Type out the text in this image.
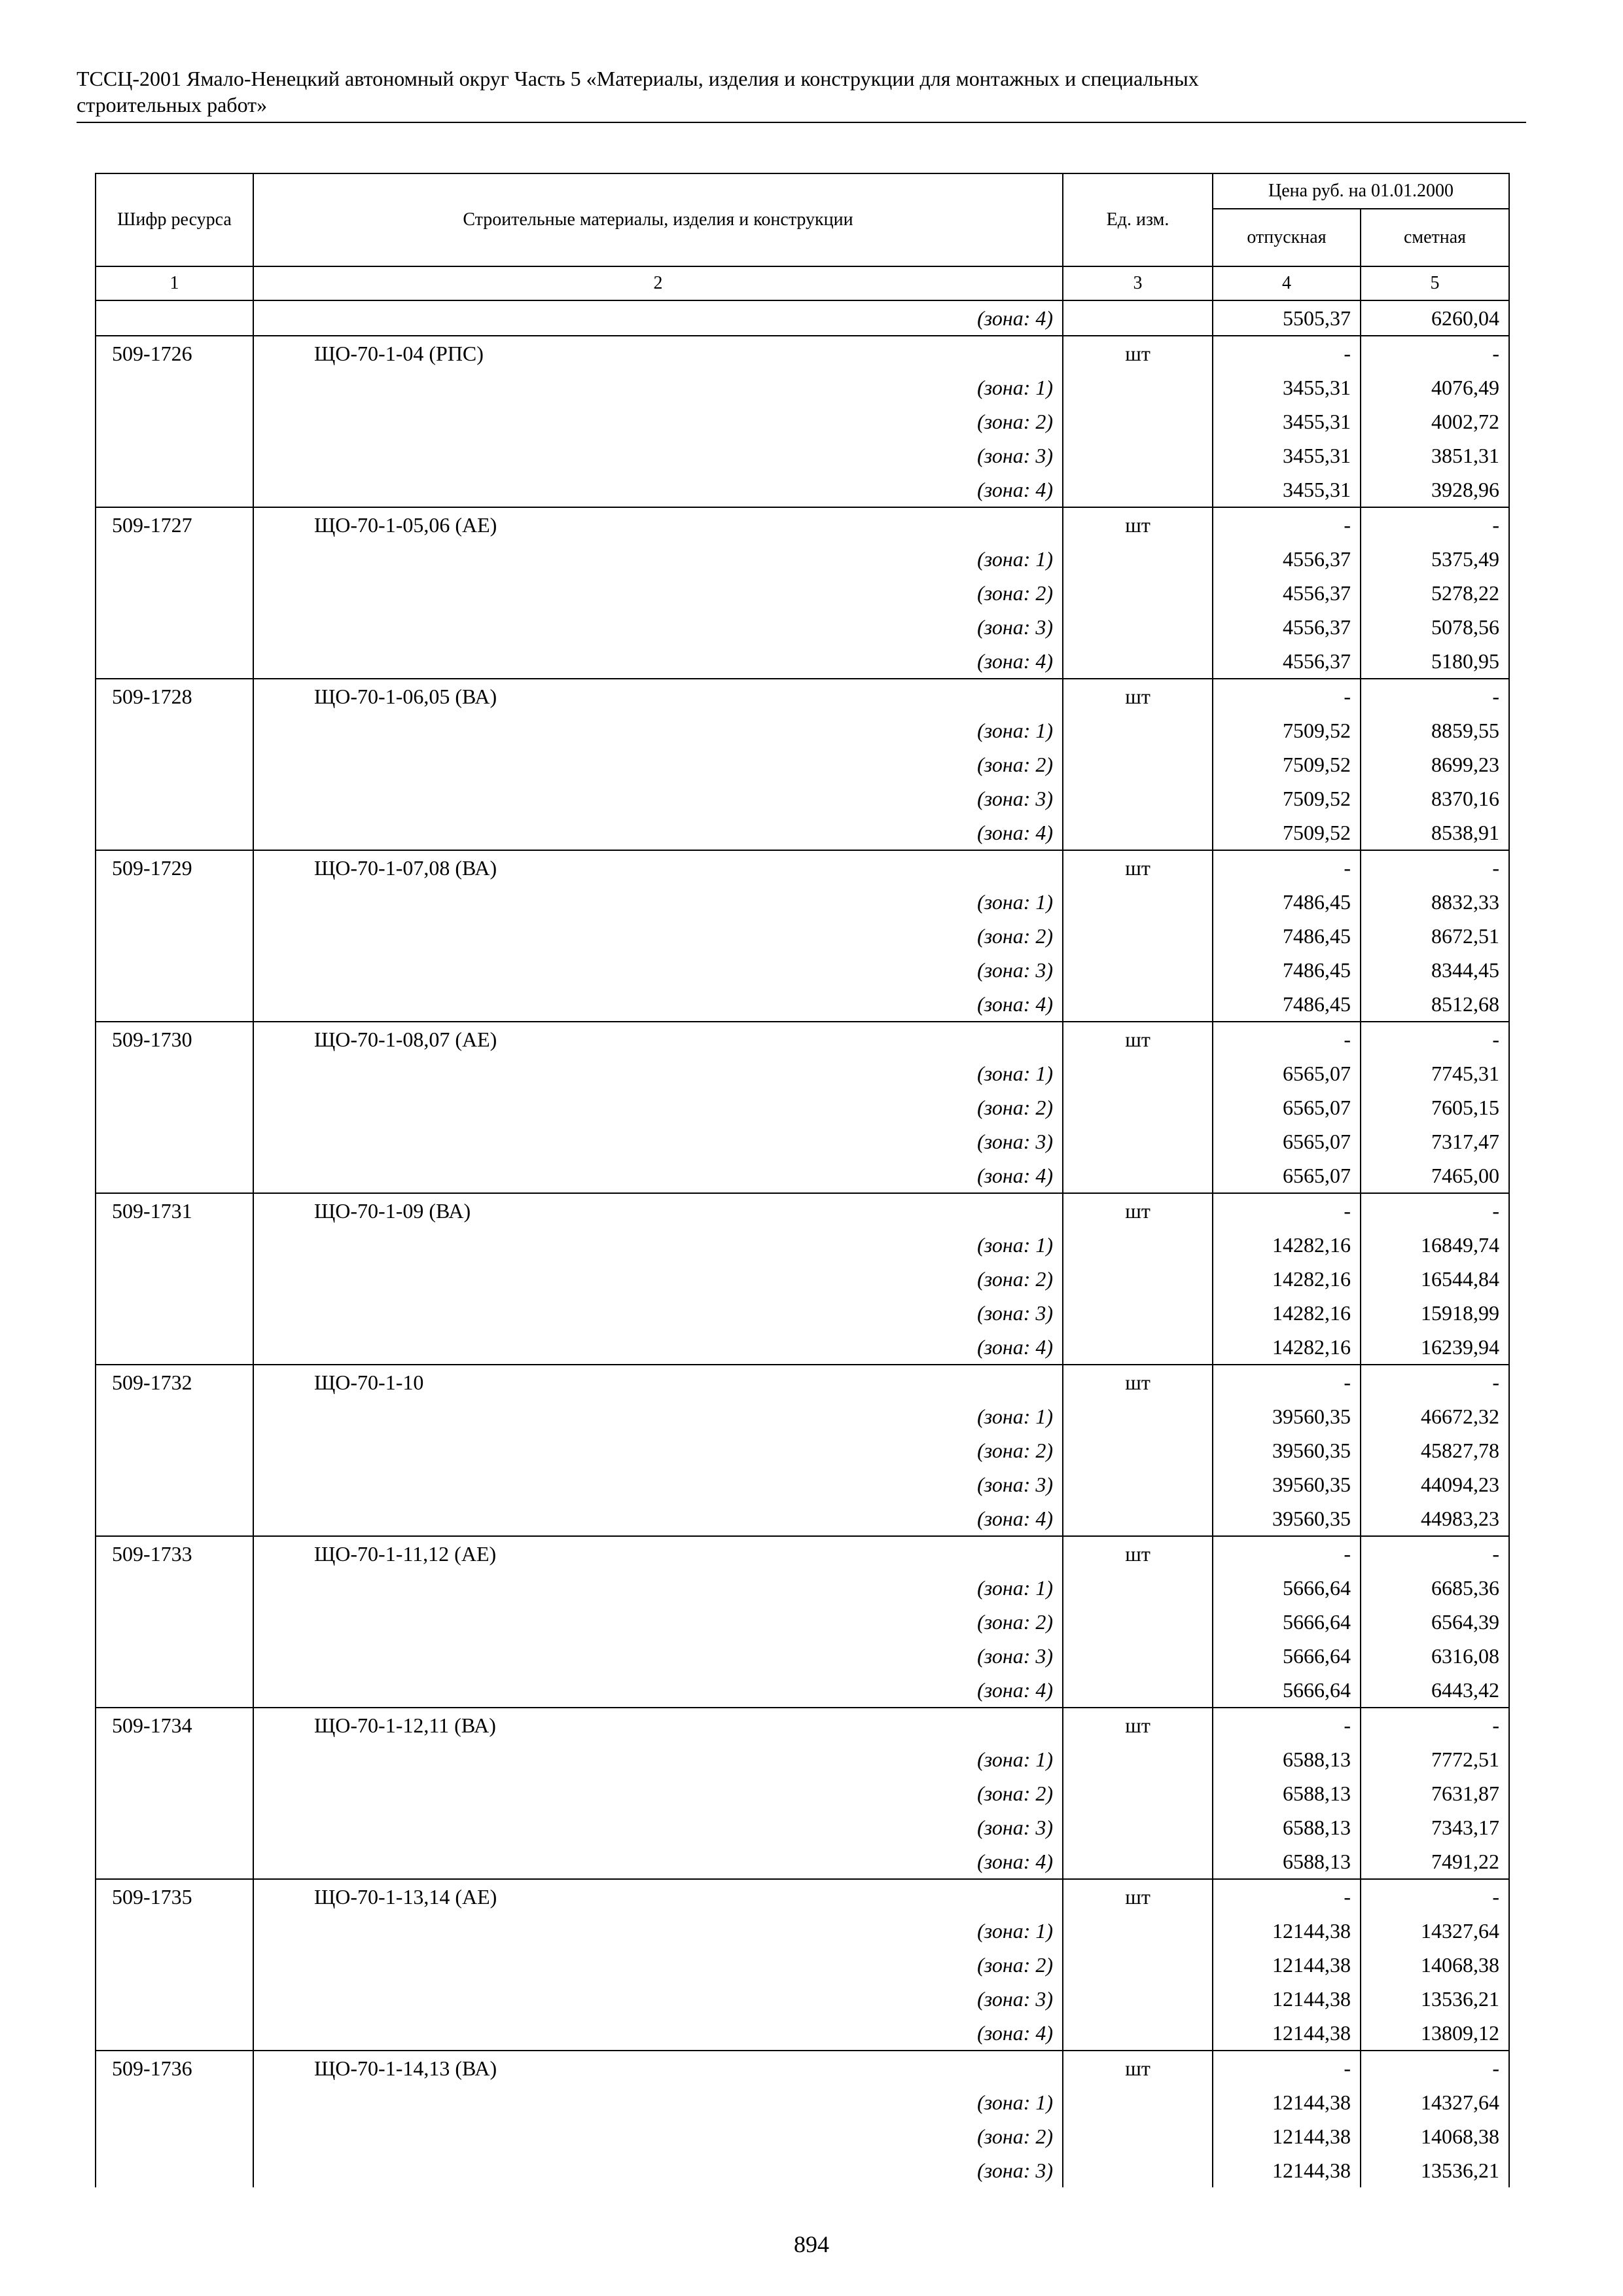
ТССЦ-2001 Ямало-Ненецкий автономный округ Часть 5 «Материалы, изделия и конструкции для монтажных и специальных
строительных работ»
Шифр ресурса	Строительные материалы, изделия и конструкции	Ед. изм.	Цена руб. на 01.01.2000	
			отпускная	сметная
1	2	3	4	5
	(зона: 4)		5505,37	6260,04
509-1726	ЩО-70-1-04 (РПС)	шт	-	-
	(зона: 1)		3455,31	4076,49
	(зона: 2)		3455,31	4002,72
	(зона: 3)		3455,31	3851,31
	(зона: 4)		3455,31	3928,96
509-1727	ЩО-70-1-05,06 (АЕ)	шт	-	-
	(зона: 1)		4556,37	5375,49
	(зона: 2)		4556,37	5278,22
	(зона: 3)		4556,37	5078,56
	(зона: 4)		4556,37	5180,95
509-1728	ЩО-70-1-06,05 (ВА)	шт	-	-
	(зона: 1)		7509,52	8859,55
	(зона: 2)		7509,52	8699,23
	(зона: 3)		7509,52	8370,16
	(зона: 4)		7509,52	8538,91
509-1729	ЩО-70-1-07,08 (ВА)	шт	-	-
	(зона: 1)		7486,45	8832,33
	(зона: 2)		7486,45	8672,51
	(зона: 3)		7486,45	8344,45
	(зона: 4)		7486,45	8512,68
509-1730	ЩО-70-1-08,07 (АЕ)	шт	-	-
	(зона: 1)		6565,07	7745,31
	(зона: 2)		6565,07	7605,15
	(зона: 3)		6565,07	7317,47
	(зона: 4)		6565,07	7465,00
509-1731	ЩО-70-1-09 (ВА)	шт	-	-
	(зона: 1)		14282,16	16849,74
	(зона: 2)		14282,16	16544,84
	(зона: 3)		14282,16	15918,99
	(зона: 4)		14282,16	16239,94
509-1732	ЩО-70-1-10	шт	-	-
	(зона: 1)		39560,35	46672,32
	(зона: 2)		39560,35	45827,78
	(зона: 3)		39560,35	44094,23
	(зона: 4)		39560,35	44983,23
509-1733	ЩО-70-1-11,12 (АЕ)	шт	-	-
	(зона: 1)		5666,64	6685,36
	(зона: 2)		5666,64	6564,39
	(зона: 3)		5666,64	6316,08
	(зона: 4)		5666,64	6443,42
509-1734	ЩО-70-1-12,11 (ВА)	шт	-	-
	(зона: 1)		6588,13	7772,51
	(зона: 2)		6588,13	7631,87
	(зона: 3)		6588,13	7343,17
	(зона: 4)		6588,13	7491,22
509-1735	ЩО-70-1-13,14 (АЕ)	шт	-	-
	(зона: 1)		12144,38	14327,64
	(зона: 2)		12144,38	14068,38
	(зона: 3)		12144,38	13536,21
	(зона: 4)		12144,38	13809,12
509-1736	ЩО-70-1-14,13 (ВА)	шт	-	-
	(зона: 1)		12144,38	14327,64
	(зона: 2)		12144,38	14068,38
	(зона: 3)		12144,38	13536,21
894
